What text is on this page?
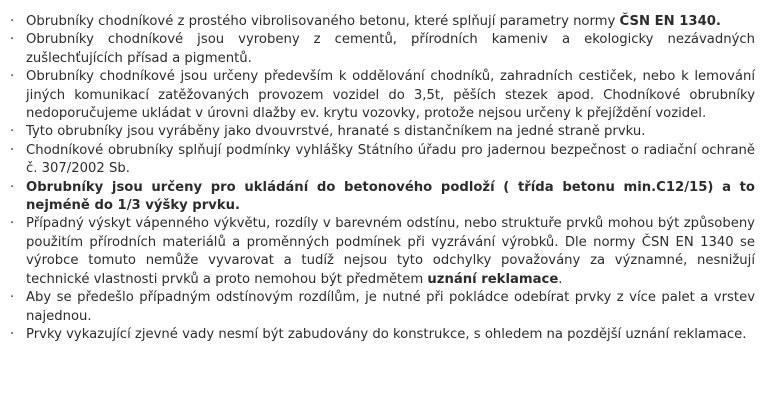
· Obrubníky chodníkové z prostého vibrolisovaného betonu, které splňují parametry normy ČSN EN 1340.
· Obrubníky chodníkové jsou vyrobeny z cementů, přírodních kameniv a ekologicky nezávadných zušlechťujících přísad a pigmentů.
· Obrubníky chodníkové jsou určeny především k oddělování chodníků, zahradních cestiček, nebo k lemování jiných komunikací zatěžovaných provozem vozidel do 3,5t, pěších stezek apod. Chodníkové obrubníky nedoporučujeme ukládat v úrovni dlažby ev. krytu vozovky, protože nejsou určeny k přejíždění vozidel.
· Tyto obrubníky jsou vyráběny jako dvouvrstvé, hranaté s distančníkem na jedné straně prvku.
· Chodníkové obrubníky splňují podmínky vyhlášky Státního úřadu pro jadernou bezpečnost o radiační ochraně č. 307/2002 Sb.
· Obrubníky jsou určeny pro ukládání do betonového podloží ( třída betonu min.C12/15) a to nejméně do 1/3 výšky prvku.
· Případný výskyt vápenného výkvětu, rozdíly v barevném odstínu, nebo struktuře prvků mohou být způsobeny použitím přírodních materiálů a proměnných podmínek při vyzrávání výrobků. Dle normy ČSN EN 1340 se výrobce tomuto nemůže vyvarovat a tudíž nejsou tyto odchylky považovány za významné, nesnižují technické vlastnosti prvků a proto nemohou být předmětem uznání reklamace.
· Aby se předešlo případným odstínovým rozdílům, je nutné při pokládce odebírat prvky z více palet a vrstev najednou.
· Prvky vykazující zjevné vady nesmí být zabudovány do konstrukce, s ohledem na pozdější uznání reklamace.
